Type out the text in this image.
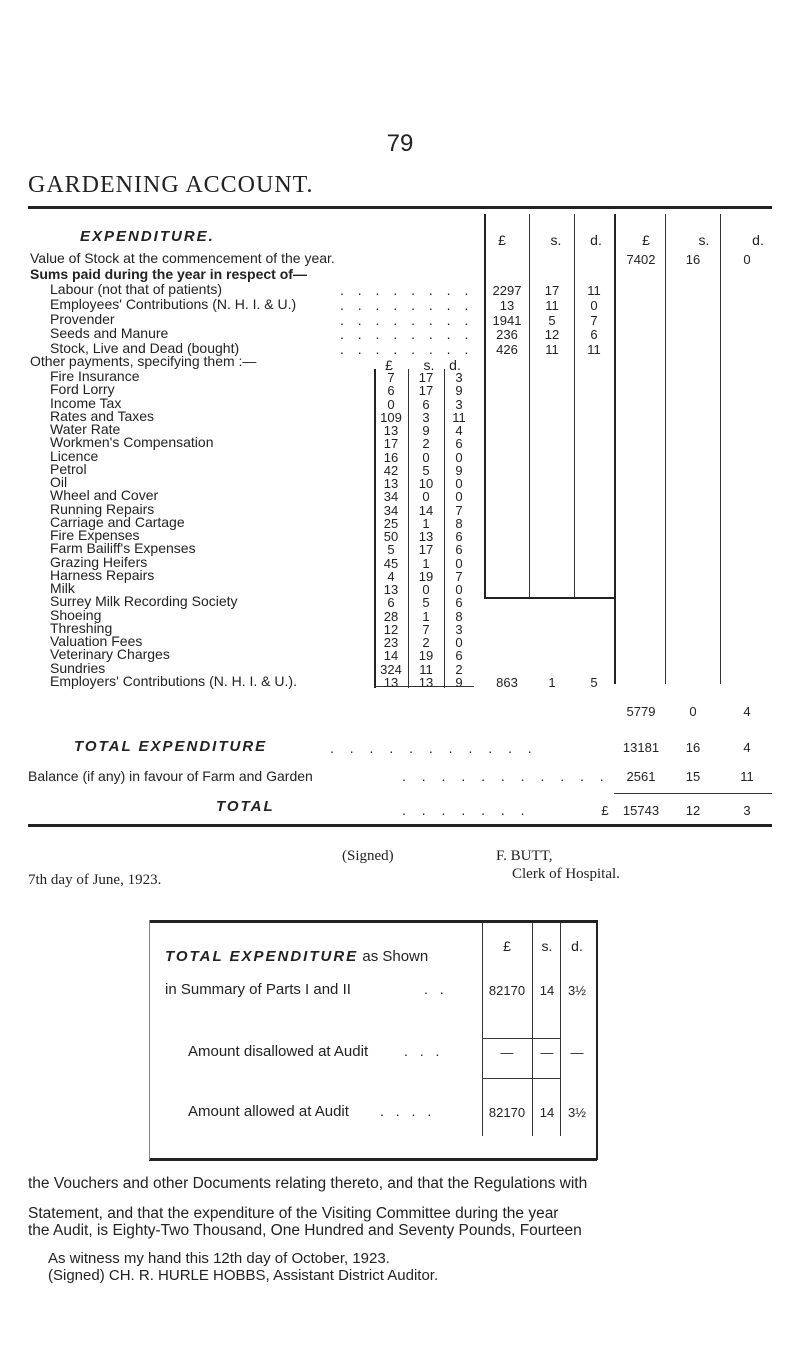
79
GARDENING ACCOUNT.
EXPENDITURE.	£	s.	d.	£	s.	d.
Value of Stock at the commencement of the year.	7402	16	0
Sums paid during the year in respect of—
Labour (not that of patients)	. . . . . . . .	2297	17	11
Employees' Contributions (N. H. I. & U.)	. . . . . . . .	13	11	0
Provender	. . . . . . . .	1941	5	7
Seeds and Manure	. . . . . . . .	236	12	6
Stock, Live and Dead (bought)	. . . . . . . .	426	11	11
Other payments, specifying them :—	£	s.	d.
Fire Insurance	7	17	3
Ford Lorry	6	17	9
Income Tax	0	6	3
Rates and Taxes	109	3	11
Water Rate	13	9	4
Workmen's Compensation	17	2	6
Licence	16	0	0
Petrol	42	5	9
Oil	13	10	0
Wheel and Cover	34	0	0
Running Repairs	34	14	7
Carriage and Cartage	25	1	8
Fire Expenses	50	13	6
Farm Bailiff's Expenses	5	17	6
Grazing Heifers	45	1	0
Harness Repairs	4	19	7
Milk	13	0	0
Surrey Milk Recording Society	6	5	6
Shoeing	28	1	8
Threshing	12	7	3
Valuation Fees	23	2	0
Veterinary Charges	14	19	6
Sundries	324	11	2
Employers' Contributions (N. H. I. & U.).	13	13	9	863	1	5
5779	0	4
TOTAL EXPENDITURE	. . . . . . . . . . .	13181	16	4
Balance (if any) in favour of Farm and Garden	. . . . . . . . . . .	2561	15	11
TOTAL	. . . . . . .	£	15743	12	3
(Signed)	F. BUTT,
Clerk of Hospital.
7th day of June, 1923.
£	s.	d.
TOTAL EXPENDITURE as Shown
in Summary of Parts I and II	. .	82170	14	3½
Amount disallowed at Audit	. . .	—	—	—
Amount allowed at Audit . . . .	82170	14	3½
the Vouchers and other Documents relating thereto, and that the Regulations with
Statement, and that the expenditure of the Visiting Committee during the year
the Audit, is Eighty-Two Thousand, One Hundred and Seventy Pounds, Fourteen
As witness my hand this 12th day of October, 1923.
(Signed) CH. R. HURLE HOBBS, Assistant District Auditor.
